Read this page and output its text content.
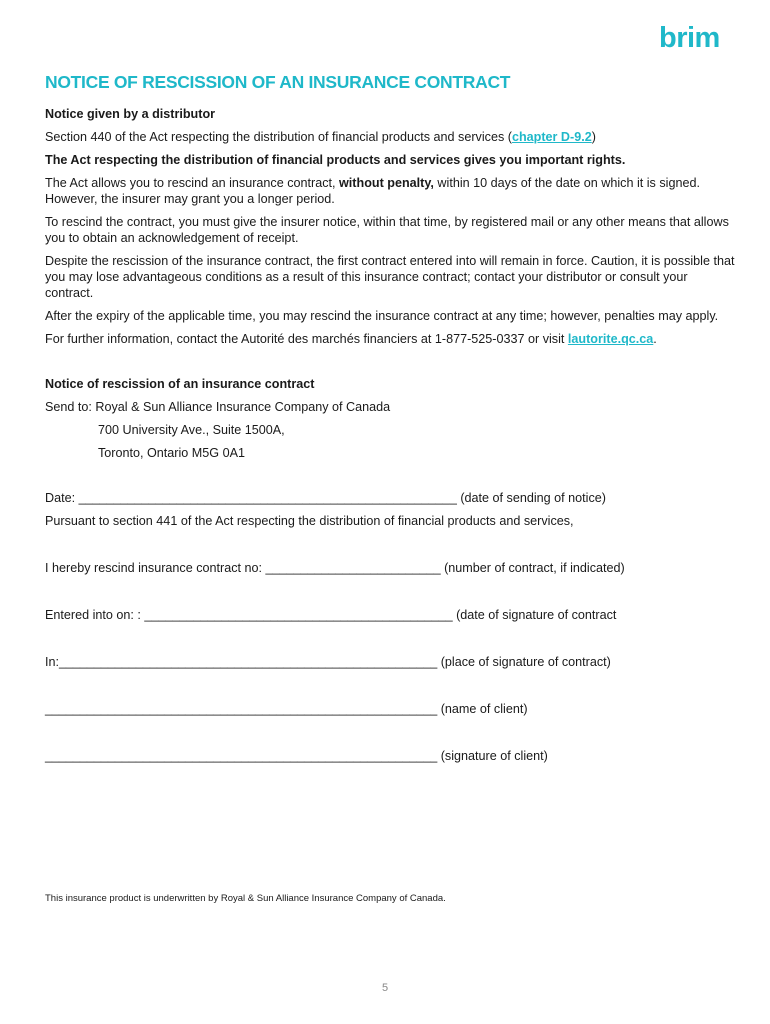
brim
NOTICE OF RESCISSION OF AN INSURANCE CONTRACT
Notice given by a distributor
Section 440 of the Act respecting the distribution of financial products and services (chapter D-9.2)
The Act respecting the distribution of financial products and services gives you important rights.
The Act allows you to rescind an insurance contract, without penalty, within 10 days of the date on which it is signed. However, the insurer may grant you a longer period.
To rescind the contract, you must give the insurer notice, within that time, by registered mail or any other means that allows you to obtain an acknowledgement of receipt.
Despite the rescission of the insurance contract, the first contract entered into will remain in force. Caution, it is possible that you may lose advantageous conditions as a result of this insurance contract; contact your distributor or consult your contract.
After the expiry of the applicable time, you may rescind the insurance contract at any time; however, penalties may apply.
For further information, contact the Autorité des marchés financiers at 1-877-525-0337 or visit lautorite.qc.ca.
Notice of rescission of an insurance contract
Send to: Royal & Sun Alliance Insurance Company of Canada
700 University Ave., Suite 1500A,
Toronto, Ontario M5G 0A1
Date: ______________________________________________________ (date of sending of notice)
Pursuant to section 441 of the Act respecting the distribution of financial products and services,
I hereby rescind insurance contract no: _________________________ (number of contract, if indicated)
Entered into on: : ____________________________________________ (date of signature of contract
In:______________________________________________________ (place of signature of contract)
________________________________________________________ (name of client)
________________________________________________________ (signature of client)
This insurance product is underwritten by Royal & Sun Alliance Insurance Company of Canada.
5
